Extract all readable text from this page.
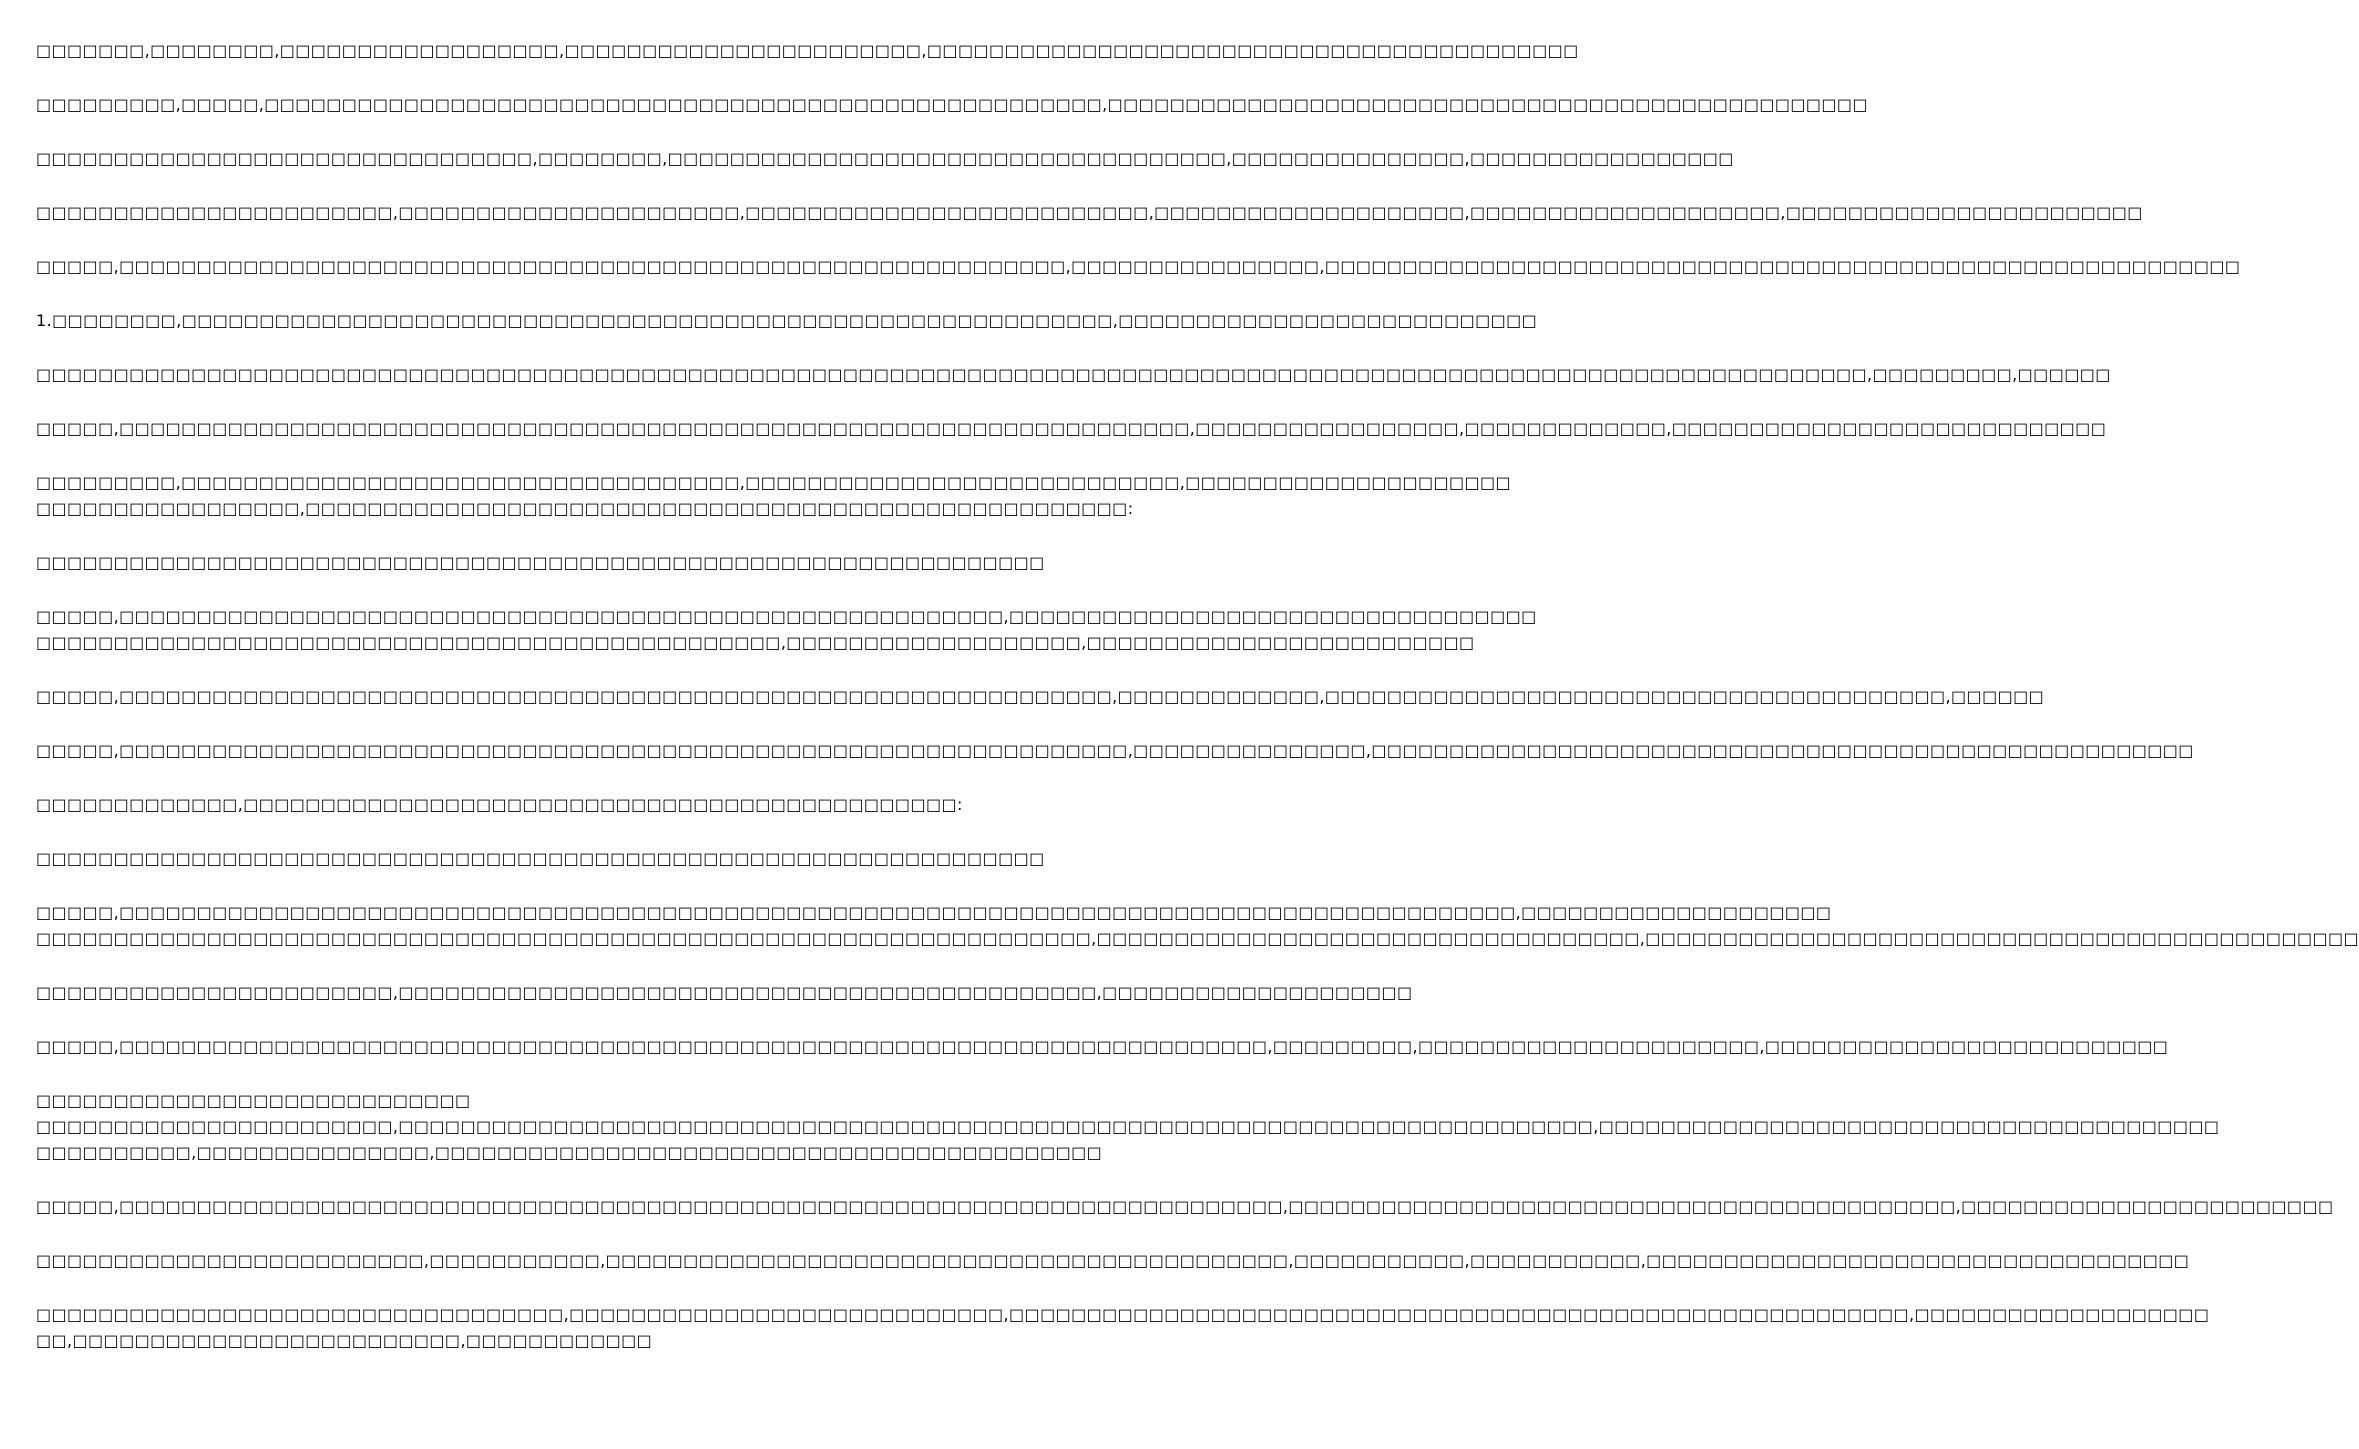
□□□□□□□,□□□□□□□□,□□□□□□□□□□□□□□□□□□,□□□□□□□□□□□□□□□□□□□□□□□,□□□□□□□□□□□□□□□□□□□□□□□□□□□□□□□□□□□□□□□□□□
□□□□□□□□□,□□□□□,□□□□□□□□□□□□□□□□□□□□□□□□□□□□□□□□□□□□□□□□□□□□□□□□□□□□□□,□□□□□□□□□□□□□□□□□□□□□□□□□□□□□□□□□□□□□□□□□□□□□□□□□
□□□□□□□□□□□□□□□□□□□□□□□□□□□□□□□□,□□□□□□□□,□□□□□□□□□□□□□□□□□□□□□□□□□□□□□□□□□□□□,□□□□□□□□□□□□□□□,□□□□□□□□□□□□□□□□□
□□□□□□□□□□□□□□□□□□□□□□□,□□□□□□□□□□□□□□□□□□□□□□,□□□□□□□□□□□□□□□□□□□□□□□□□□,□□□□□□□□□□□□□□□□□□□□,□□□□□□□□□□□□□□□□□□□□,□□□□□□□□□□□□□□□□□□□□□□□
□□□□□,□□□□□□□□□□□□□□□□□□□□□□□□□□□□□□□□□□□□□□□□□□□□□□□□□□□□□□□□□□□□□,□□□□□□□□□□□□□□□□,□□□□□□□□□□□□□□□□□□□□□□□□□□□□□□□□□□□□□□□□□□□□□□□□□□□□□□□□□□□
1.□□□□□□□□,□□□□□□□□□□□□□□□□□□□□□□□□□□□□□□□□□□□□□□□□□□□□□□□□□□□□□□□□□□□□,□□□□□□□□□□□□□□□□□□□□□□□□□□□
□□□□□□□□□□□□□□□□□□□□□□□□□□□□□□□□□□□□□□□□□□□□□□□□□□□□□□□□□□□□□□□□□□□□□□□□□□□□□□□□□□□□□□□□□□□□□□□□□□□□□□□□□□□□□□□□□□□□□□,□□□□□□□□□,□□□□□□
□□□□□,□□□□□□□□□□□□□□□□□□□□□□□□□□□□□□□□□□□□□□□□□□□□□□□□□□□□□□□□□□□□□□□□□□□□□,□□□□□□□□□□□□□□□□□,□□□□□□□□□□□□□,□□□□□□□□□□□□□□□□□□□□□□□□□□□□
□□□□□□□□□,□□□□□□□□□□□□□□□□□□□□□□□□□□□□□□□□□□□□,□□□□□□□□□□□□□□□□□□□□□□□□□□□□,□□□□□□□□□□□□□□□□□□□□□
□□□□□□□□□□□□□□□□□,□□□□□□□□□□□□□□□□□□□□□□□□□□□□□□□□□□□□□□□□□□□□□□□□□□□□□:
□□□□□□□□□□□□□□□□□□□□□□□□□□□□□□□□□□□□□□□□□□□□□□□□□□□□□□□□□□□□□□□□□
□□□□□,□□□□□□□□□□□□□□□□□□□□□□□□□□□□□□□□□□□□□□□□□□□□□□□□□□□□□□□□□,□□□□□□□□□□□□□□□□□□□□□□□□□□□□□□□□□□
□□□□□□□□□□□□□□□□□□□□□□□□□□□□□□□□□□□□□□□□□□□□□□□□,□□□□□□□□□□□□□□□□□□□,□□□□□□□□□□□□□□□□□□□□□□□□□
□□□□□,□□□□□□□□□□□□□□□□□□□□□□□□□□□□□□□□□□□□□□□□□□□□□□□□□□□□□□□□□□□□□□□□,□□□□□□□□□□□□□,□□□□□□□□□□□□□□□□□□□□□□□□□□□□□□□□□□□□□□□□,□□□□□□
□□□□□,□□□□□□□□□□□□□□□□□□□□□□□□□□□□□□□□□□□□□□□□□□□□□□□□□□□□□□□□□□□□□□□□□,□□□□□□□□□□□□□□□,□□□□□□□□□□□□□□□□□□□□□□□□□□□□□□□□□□□□□□□□□□□□□□□□□□□□□
□□□□□□□□□□□□□,□□□□□□□□□□□□□□□□□□□□□□□□□□□□□□□□□□□□□□□□□□□□□□:
□□□□□□□□□□□□□□□□□□□□□□□□□□□□□□□□□□□□□□□□□□□□□□□□□□□□□□□□□□□□□□□□□
□□□□□,□□□□□□□□□□□□□□□□□□□□□□□□□□□□□□□□□□□□□□□□□□□□□□□□□□□□□□□□□□□□□□□□□□□□□□□□□□□□□□□□□□□□□□□□□□,□□□□□□□□□□□□□□□□□□□□
□□□□□□□□□□□□□□□□□□□□□□□□□□□□□□□□□□□□□□□□□□□□□□□□□□□□□□□□□□□□□□□□□□□□,□□□□□□□□□□□□□□□□□□□□□□□□□□□□□□□□□□□,□□□□□□□□□□□□□□□□□□□□□□□□□□□□□□□□□□□□□□□□□□□□□□
□□□□□□□□□□□□□□□□□□□□□□□,□□□□□□□□□□□□□□□□□□□□□□□□□□□□□□□□□□□□□□□□□□□□□,□□□□□□□□□□□□□□□□□□□□
□□□□□,□□□□□□□□□□□□□□□□□□□□□□□□□□□□□□□□□□□□□□□□□□□□□□□□□□□□□□□□□□□□□□□□□□□□□□□□□□,□□□□□□□□□,□□□□□□□□□□□□□□□□□□□□□□,□□□□□□□□□□□□□□□□□□□□□□□□□□
□□□□□□□□□□□□□□□□□□□□□□□□□□□□
□□□□□□□□□□□□□□□□□□□□□□□,□□□□□□□□□□□□□□□□□□□□□□□□□□□□□□□□□□□□□□□□□□□□□□□□□□□□□□□□□□□□□□□□□□□□□□□□□□□□□,□□□□□□□□□□□□□□□□□□□□□□□□□□□□□□□□□□□□□□□□
□□□□□□□□□□,□□□□□□□□□□□□□□□,□□□□□□□□□□□□□□□□□□□□□□□□□□□□□□□□□□□□□□□□□□□
□□□□□,□□□□□□□□□□□□□□□□□□□□□□□□□□□□□□□□□□□□□□□□□□□□□□□□□□□□□□□□□□□□□□□□□□□□□□□□□□□,□□□□□□□□□□□□□□□□□□□□□□□□□□□□□□□□□□□□□□□□□□□,□□□□□□□□□□□□□□□□□□□□□□□□
□□□□□□□□□□□□□□□□□□□□□□□□□,□□□□□□□□□□□,□□□□□□□□□□□□□□□□□□□□□□□□□□□□□□□□□□□□□□□□□□□□,□□□□□□□□□□□,□□□□□□□□□□□,□□□□□□□□□□□□□□□□□□□□□□□□□□□□□□□□□□□
□□□□□□□□□□□□□□□□□□□□□□□□□□□□□□□□□□,□□□□□□□□□□□□□□□□□□□□□□□□□□□□,□□□□□□□□□□□□□□□□□□□□□□□□□□□□□□□□□□□□□□□□□□□□□□□□□□□□□□□□□□,□□□□□□□□□□□□□□□□□□□
□□,□□□□□□□□□□□□□□□□□□□□□□□□□,□□□□□□□□□□□□
